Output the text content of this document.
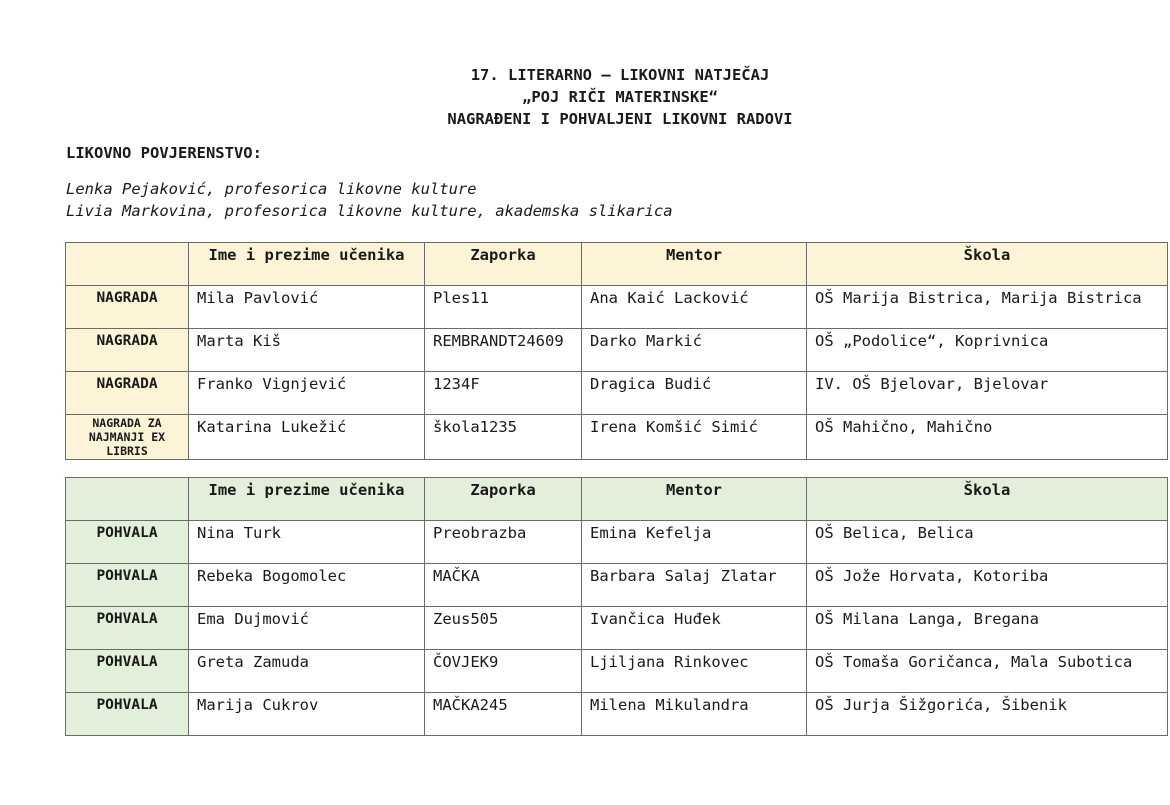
17. LITERARNO – LIKOVNI NATJEČAJ
„POJ RIČI MATERINSKE“
NAGRAĐENI I POHVALJENI LIKOVNI RADOVI
LIKOVNO POVJERENSTVO:
Lenka Pejaković, profesorica likovne kulture
Livia Markovina, profesorica likovne kulture, akademska slikarica
	Ime i prezime učenika	Zaporka	Mentor	Škola
NAGRADA	Mila Pavlović	Ples11	Ana Kaić Lacković	OŠ Marija Bistrica, Marija Bistrica
NAGRADA	Marta Kiš	REMBRANDT24609	Darko Markić	OŠ „Podolice“, Koprivnica
NAGRADA	Franko Vignjević	1234F	Dragica Budić	IV. OŠ Bjelovar, Bjelovar
NAGRADA ZA NAJMANJI EX LIBRIS	Katarina Lukežić	škola1235	Irena Komšić Simić	OŠ Mahično, Mahično
	Ime i prezime učenika	Zaporka	Mentor	Škola
POHVALA	Nina Turk	Preobrazba	Emina Kefelja	OŠ Belica, Belica
POHVALA	Rebeka Bogomolec	MAČKA	Barbara Salaj Zlatar	OŠ Jože Horvata, Kotoriba
POHVALA	Ema Dujmović	Zeus505	Ivančica Huđek	OŠ Milana Langa, Bregana
POHVALA	Greta Zamuda	ČOVJEK9	Ljiljana Rinkovec	OŠ Tomaša Goričanca, Mala Subotica
POHVALA	Marija Cukrov	MAČKA245	Milena Mikulandra	OŠ Jurja Šižgorića, Šibenik
